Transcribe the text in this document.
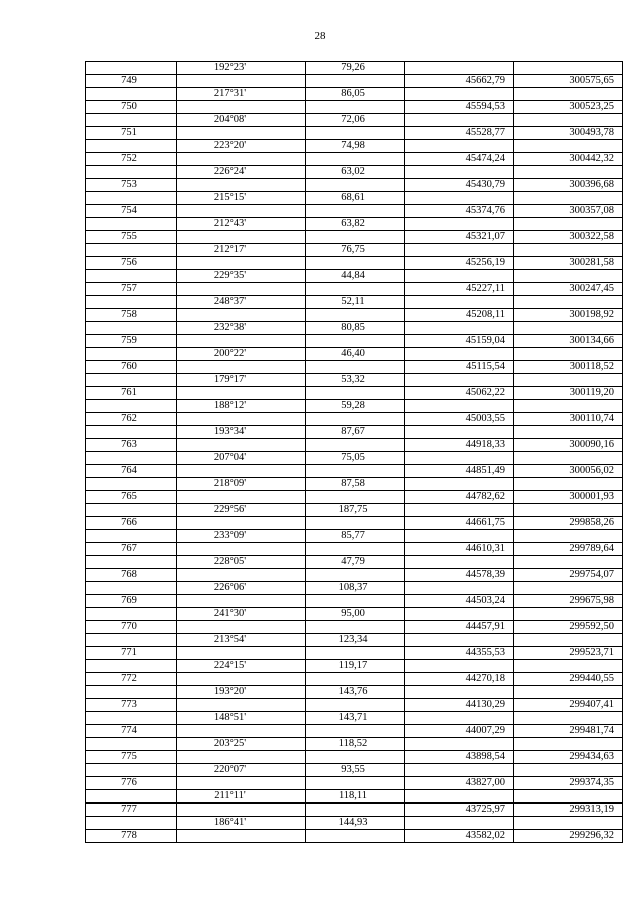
28
	192°23'	79,26		
749			45662,79	300575,65
	217°31'	86,05		
750			45594,53	300523,25
	204°08'	72,06		
751			45528,77	300493,78
	223°20'	74,98		
752			45474,24	300442,32
	226°24'	63,02		
753			45430,79	300396,68
	215°15'	68,61		
754			45374,76	300357,08
	212°43'	63,82		
755			45321,07	300322,58
	212°17'	76,75		
756			45256,19	300281,58
	229°35'	44,84		
757			45227,11	300247,45
	248°37'	52,11		
758			45208,11	300198,92
	232°38'	80,85		
759			45159,04	300134,66
	200°22'	46,40		
760			45115,54	300118,52
	179°17'	53,32		
761			45062,22	300119,20
	188°12'	59,28		
762			45003,55	300110,74
	193°34'	87,67		
763			44918,33	300090,16
	207°04'	75,05		
764			44851,49	300056,02
	218°09'	87,58		
765			44782,62	300001,93
	229°56'	187,75		
766			44661,75	299858,26
	233°09'	85,77		
767			44610,31	299789,64
	228°05'	47,79		
768			44578,39	299754,07
	226°06'	108,37		
769			44503,24	299675,98
	241°30'	95,00		
770			44457,91	299592,50
	213°54'	123,34		
771			44355,53	299523,71
	224°15'	119,17		
772			44270,18	299440,55
	193°20'	143,76		
773			44130,29	299407,41
	148°51'	143,71		
774			44007,29	299481,74
	203°25'	118,52		
775			43898,54	299434,63
	220°07'	93,55		
776			43827,00	299374,35
	211°11'	118,11		
777			43725,97	299313,19
	186°41'	144,93		
778			43582,02	299296,32
